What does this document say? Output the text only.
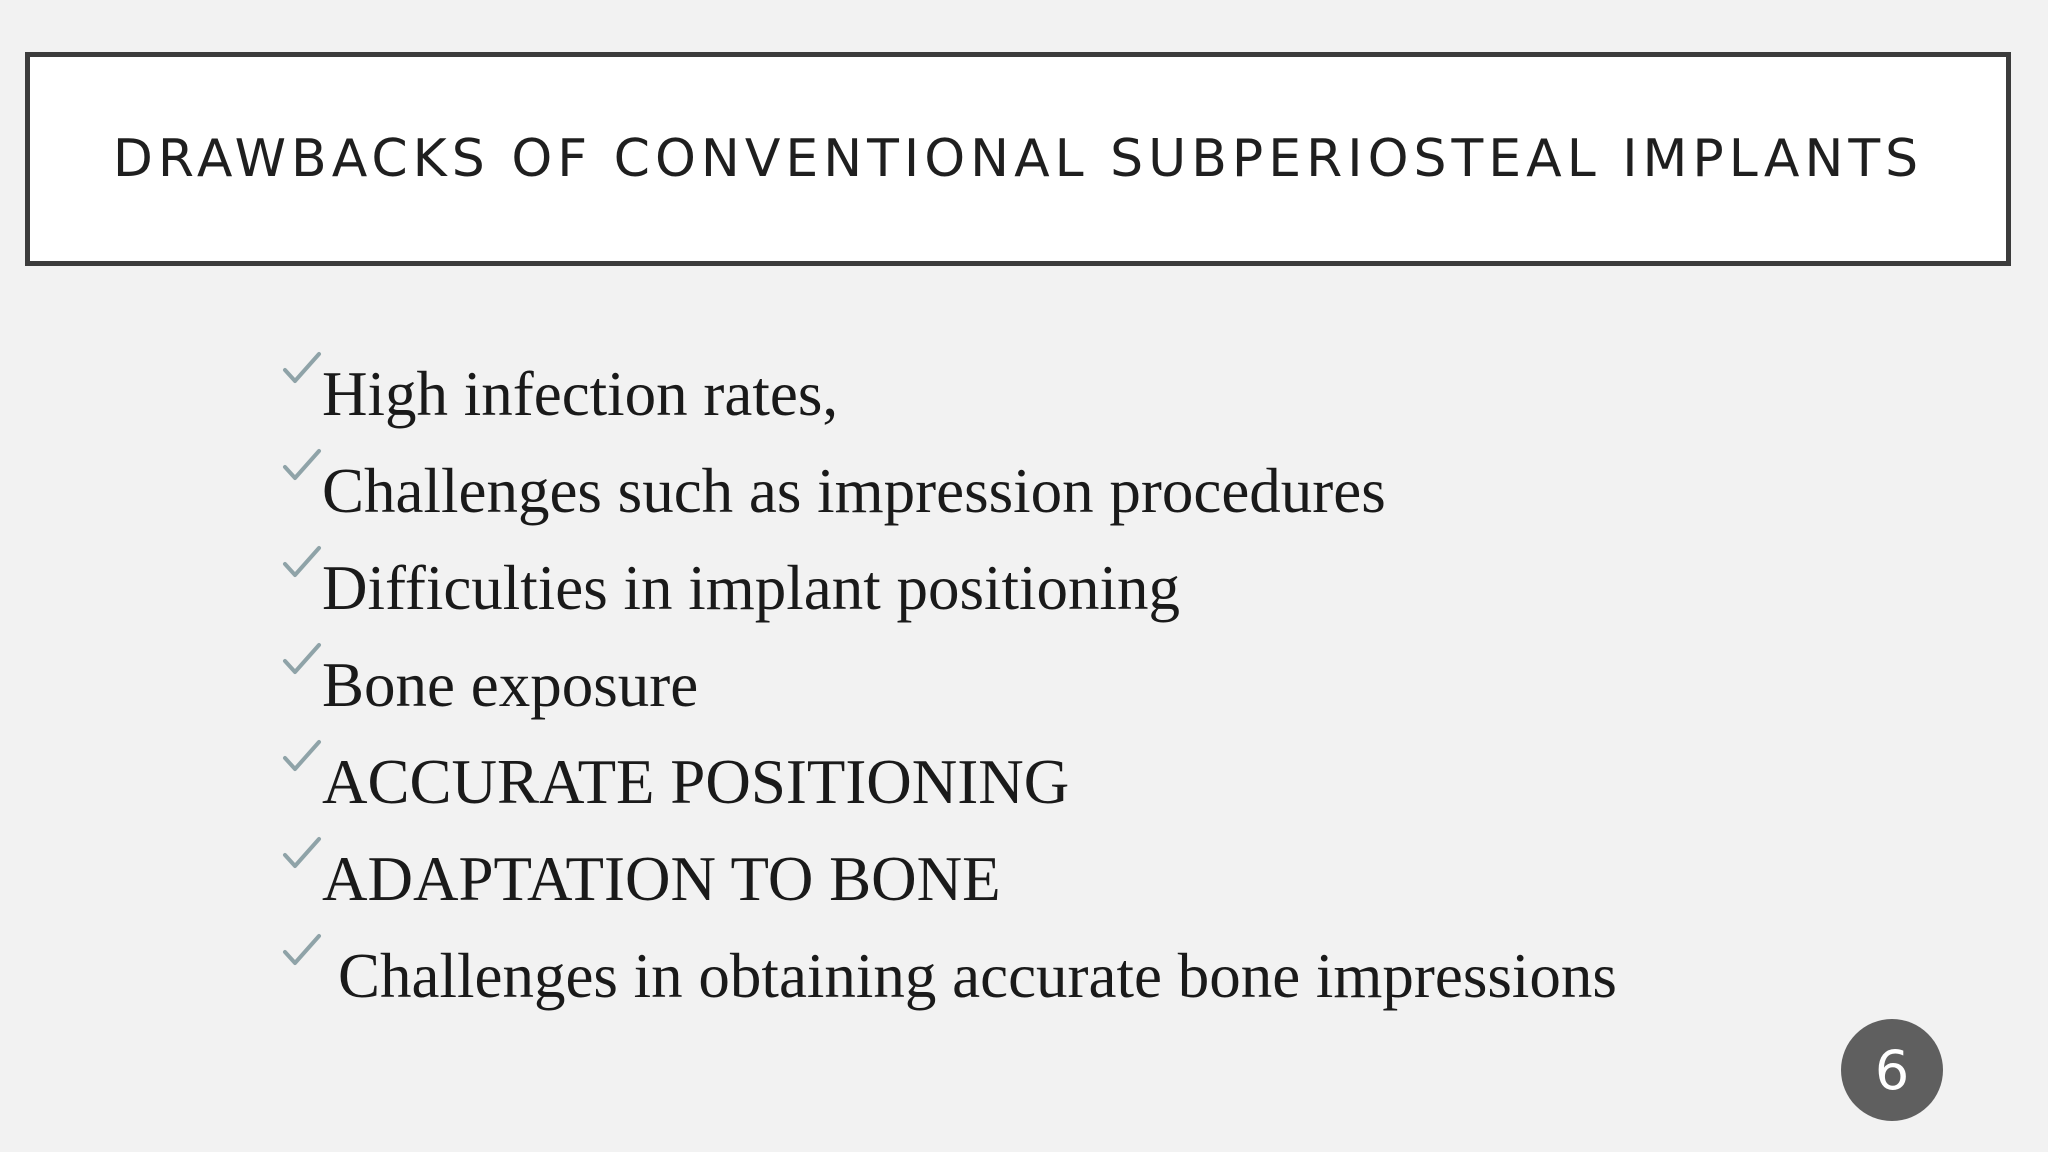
DRAWBACKS OF CONVENTIONAL SUBPERIOSTEAL IMPLANTS
High infection rates,
Challenges such as impression procedures
Difficulties in implant positioning
Bone exposure
ACCURATE POSITIONING
ADAPTATION TO BONE
Challenges in obtaining accurate bone impressions
6
